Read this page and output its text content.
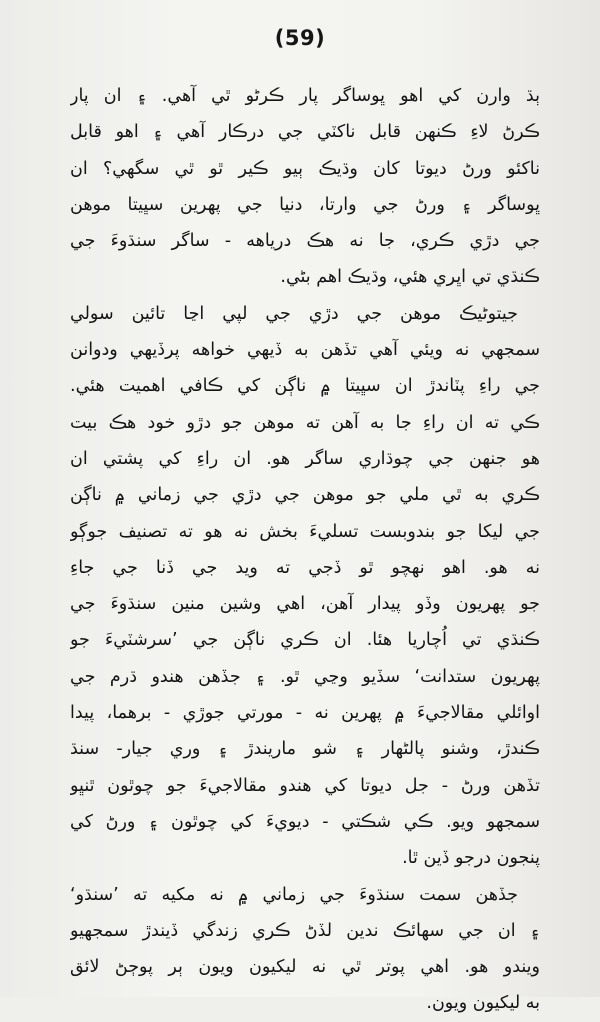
(59)
ٻڌ وارن کي اهو ڀوساگر پار ڪرڻو ٿي آهي. ۽ ان پار
ڪرڻ لاءِ ڪنهن قابل ناکٽي جي درڪار آهي ۽ اهو قابل
ناکئو ورڻ ديوتا کان وڌيڪ ٻيو ڪير ٿو ٿي سگهي؟ ان
ڀوساگر ۽ ورڻ جي وارتا، دنيا جي پهرين سڀيتا موهن
جي دڙي ڪري، جا نه هڪ درياهه - ساگر سنڌوءَ جي
ڪنڌي تي اڀري هئي، وڌيڪ اهم بڻي.
جيتوڻيڪ موهن جي دڙي جي لپي اڃا تائين سولي
سمجهي نه ويئي آهي تڏهن به ڏيهي خواهه پرڏيهي ودوانن
جي راءِ پٽاندڙ ان سڀيتا ۾ ناڳن کي ڪافي اهميت هئي.
ڪي ته ان راءِ جا به آهن ته موهن جو دڙو خود هڪ بيت
هو جنهن جي چوڌاري ساگر هو. ان راءِ کي پشتي ان
ڪري به ٿي ملي جو موهن جي دڙي جي زماني ۾ ناڳن
جي ليکا جو بندوبست تسليءَ بخش نه هو ته تصنيف جوڳو
نه هو. اهو نهچو ٿو ڏجي ته ويد جي ڏنا جي جاءِ
جو پهريون وڏو پيدار آهن، اهي وشين منين سنڌوءَ جي
ڪنڌي تي اُچاريا هئا. ان ڪري ناڳن جي ’سرشٽيءَ جو
پهريون ستدانت‘ سڏيو وڃي ٿو. ۽ جڏهن هندو ڌرم جي
اوائلي مقالاجيءَ ۾ پهرين نه - مورتي جوڙي - برهما، پيدا
ڪندڙ، وشنو پالڻهار ۽ شو ماريندڙ ۽ وري جيار- سنڌ
تڏهن ورڻ - جل ديوتا کي هندو مقالاجيءَ جو چوٿون ٿنڀو
سمجهو ويو. ڪي شڪتي - ديويءَ کي چوٿون ۽ ورڻ کي
پنجون درجو ڏين ٿا.
جڏهن سمت سنڌوءَ جي زماني ۾ نه مکيه ته ’سنڌو‘
۽ ان جي سهائڪ ندين لڏڻ ڪري زندگي ڏيندڙ سمجهيو
ويندو هو. اهي پوتر ٿي نه ليکيون ويون ٻر پوڄڻ لائق
به ليکيون ويون.
